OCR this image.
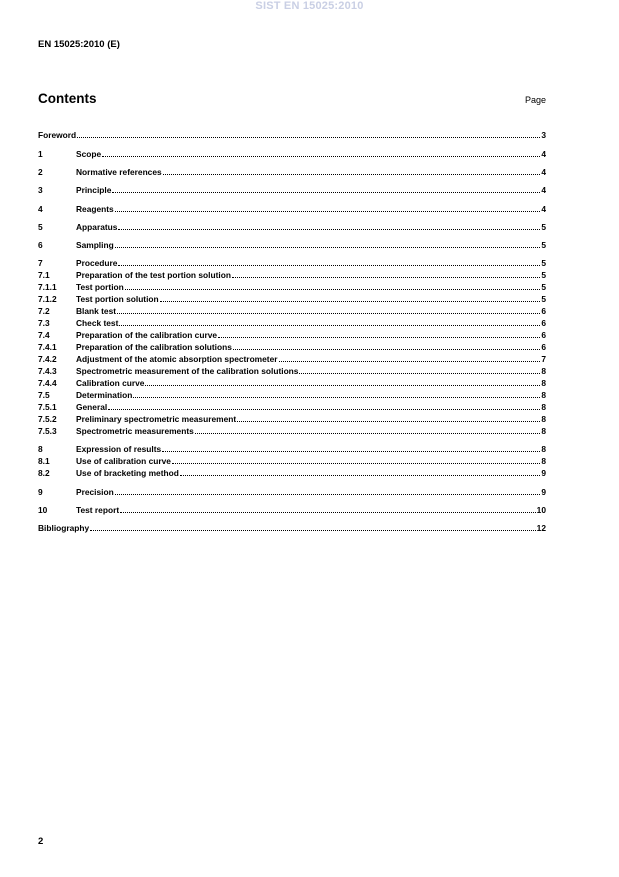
SIST EN 15025:2010
EN 15025:2010 (E)
Contents	Page
Foreword	3
1	Scope	4
2	Normative references	4
3	Principle	4
4	Reagents	4
5	Apparatus	5
6	Sampling	5
7	Procedure	5
7.1	Preparation of the test portion solution	5
7.1.1	Test portion	5
7.1.2	Test portion solution	5
7.2	Blank test	6
7.3	Check test	6
7.4	Preparation of the calibration curve	6
7.4.1	Preparation of the calibration solutions	6
7.4.2	Adjustment of the atomic absorption spectrometer	7
7.4.3	Spectrometric measurement of the calibration solutions	8
7.4.4	Calibration curve	8
7.5	Determination	8
7.5.1	General	8
7.5.2	Preliminary spectrometric measurement	8
7.5.3	Spectrometric measurements	8
8	Expression of results	8
8.1	Use of calibration curve	8
8.2	Use of bracketing method	9
9	Precision	9
10	Test report	10
Bibliography	12
2
